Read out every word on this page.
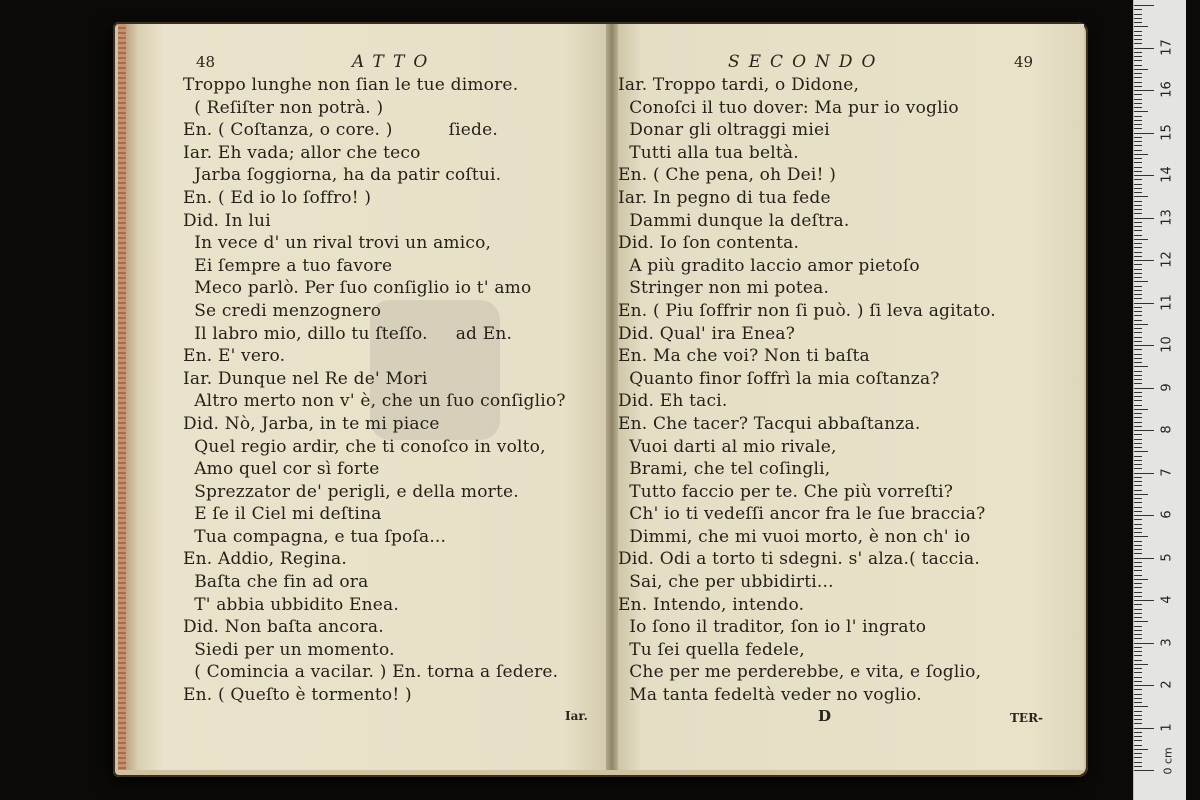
48	ATTO

Troppo lunghe non ſian le tue dimore.
( Reſiſter non potrà. )
En. ( Coſtanza, o core. )          ſiede.
Iar. Eh vada; allor che teco
Jarba ſoggiorna, ha da patir coſtui.
En. ( Ed io lo ſoffro! )
Did. In lui
In vece d' un rival trovi un amico,
Ei ſempre a tuo favore
Meco parlò. Per ſuo conſiglio io t' amo
Se credi menzognero
Il labro mio, dillo tu ſteſſo.     ad En.
En. E' vero.
Iar. Dunque nel Re de' Mori
Altro merto non v' è, che un ſuo conſiglio?
Did. Nò, Jarba, in te mi piace
Quel regio ardir, che ti conoſco in volto,
Amo quel cor sì forte
Sprezzator de' perigli, e della morte.
E ſe il Ciel mi deſtina
Tua compagna, e tua ſpoſa...
En. Addio, Regina.
Baſta che fin ad ora
T' abbia ubbidito Enea.
Did. Non baſta ancora.
Siedi per un momento.
( Comincia a vacilar. ) En. torna a ſedere.
En. ( Queſto è tormento! )

Iar.

SECONDO	49

Iar. Troppo tardi, o Didone,
Conoſci il tuo dover: Ma pur io voglio
Donar gli oltraggi miei
Tutti alla tua beltà.
En. ( Che pena, oh Dei! )
Iar. In pegno di tua fede
Dammi dunque la deſtra.
Did. Io ſon contenta.
A più gradito laccio amor pietoſo
Stringer non mi potea.
En. ( Piu ſoffrir non ſi può. ) ſi leva agitato.
Did. Qual' ira Enea?
En. Ma che voi? Non ti baſta
Quanto finor ſoffrì la mia coſtanza?
Did. Eh taci.
En. Che tacer? Tacqui abbaſtanza.
Vuoi darti al mio rivale,
Brami, che tel coſingli,
Tutto faccio per te. Che più vorreſti?
Ch' io ti vedeſſi ancor fra le ſue braccia?
Dimmi, che mi vuoi morto, è non ch' io
Did. Odi a torto ti sdegni. s' alza.( taccia.
Sai, che per ubbidirti...
En. Intendo, intendo.
Io ſono il traditor, ſon io l' ingrato
Tu ſei quella fedele,
Che per me perderebbe, e vita, e ſoglio,
Ma tanta fedeltà veder no voglio.

D	TER-

0 cm
1
2
3
4
5
6
7
8
9
10
11
12
13
14
15
16
17
